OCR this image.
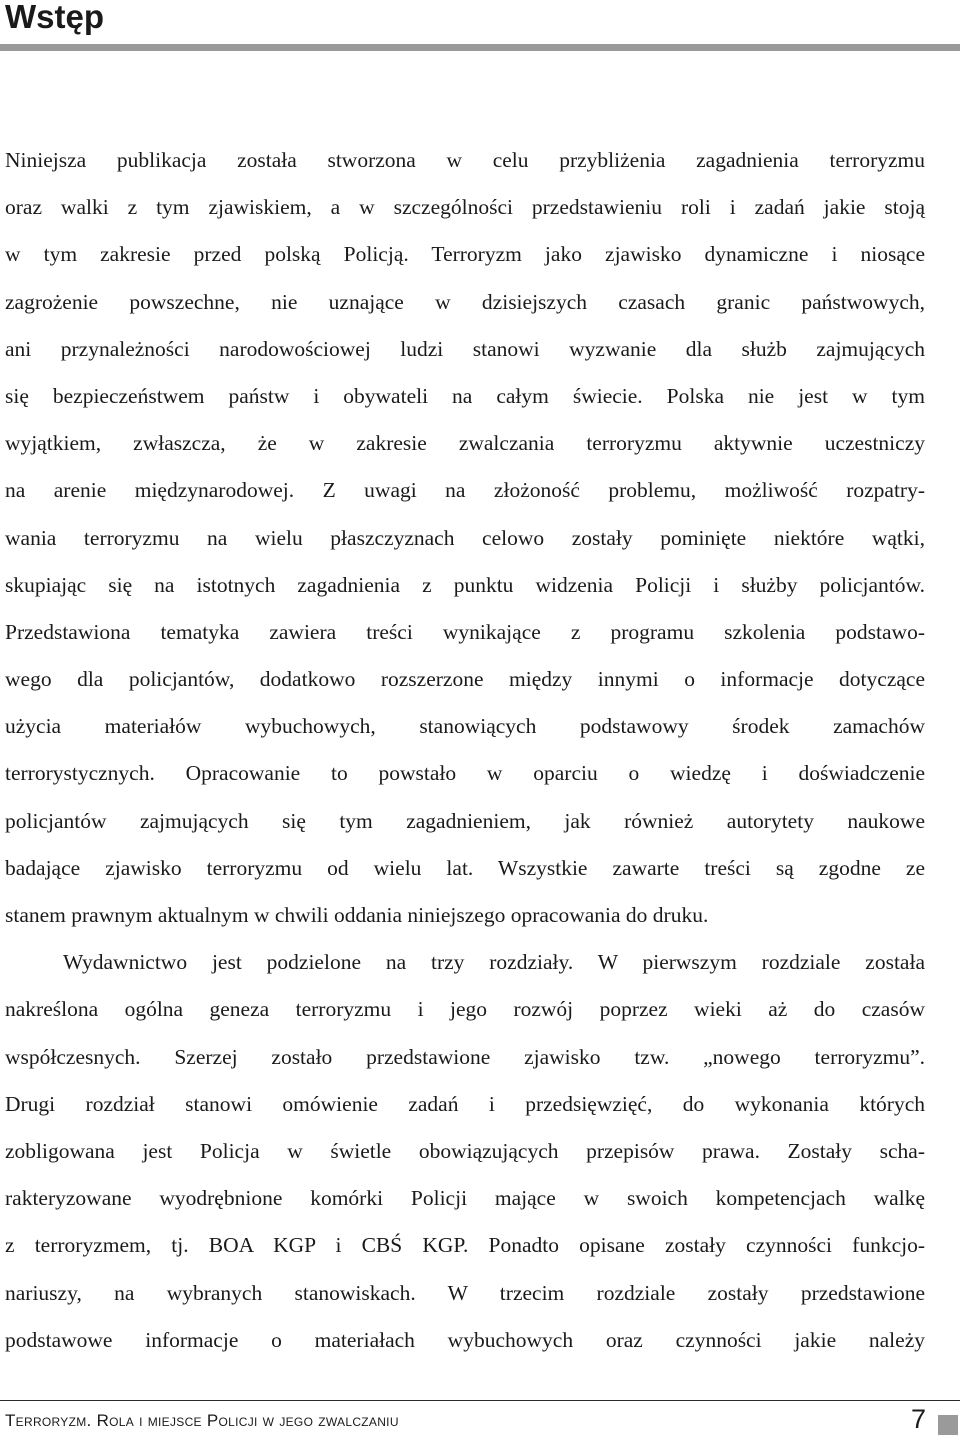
Wstęp
Niniejsza publikacja została stworzona w celu przybliżenia zagadnienia terroryzmu
oraz walki z tym zjawiskiem, a w szczególności przedstawieniu roli i zadań jakie stoją
w tym zakresie przed polską Policją. Terroryzm jako zjawisko dynamiczne i niosące
zagrożenie powszechne, nie uznające w dzisiejszych czasach granic państwowych,
ani przynależności narodowościowej ludzi stanowi wyzwanie dla służb zajmujących
się bezpieczeństwem państw i obywateli na całym świecie. Polska nie jest w tym
wyjątkiem, zwłaszcza, że w zakresie zwalczania terroryzmu aktywnie uczestniczy
na arenie międzynarodowej. Z uwagi na złożoność problemu, możliwość rozpatry-
wania terroryzmu na wielu płaszczyznach celowo zostały pominięte niektóre wątki,
skupiając się na istotnych zagadnienia z punktu widzenia Policji i służby policjantów.
Przedstawiona tematyka zawiera treści wynikające z programu szkolenia podstawo-
wego dla policjantów, dodatkowo rozszerzone między innymi o informacje dotyczące
użycia materiałów wybuchowych, stanowiących podstawowy środek zamachów
terrorystycznych. Opracowanie to powstało w oparciu o wiedzę i doświadczenie
policjantów zajmujących się tym zagadnieniem, jak również autorytety naukowe
badające zjawisko terroryzmu od wielu lat. Wszystkie zawarte treści są zgodne ze
stanem prawnym aktualnym w chwili oddania niniejszego opracowania do druku.
Wydawnictwo jest podzielone na trzy rozdziały. W pierwszym rozdziale została
nakreślona ogólna geneza terroryzmu i jego rozwój poprzez wieki aż do czasów
współczesnych. Szerzej zostało przedstawione zjawisko tzw. „nowego terroryzmu”.
Drugi rozdział stanowi omówienie zadań i przedsięwzięć, do wykonania których
zobligowana jest Policja w świetle obowiązujących przepisów prawa. Zostały scha-
rakteryzowane wyodrębnione komórki Policji mające w swoich kompetencjach walkę
z terroryzmem, tj. BOA KGP i CBŚ KGP. Ponadto opisane zostały czynności funkcjo-
nariuszy, na wybranych stanowiskach. W trzecim rozdziale zostały przedstawione
podstawowe informacje o materiałach wybuchowych oraz czynności jakie należy
Terroryzm. Rola i miejsce Policji w jego zwalczaniu	7
